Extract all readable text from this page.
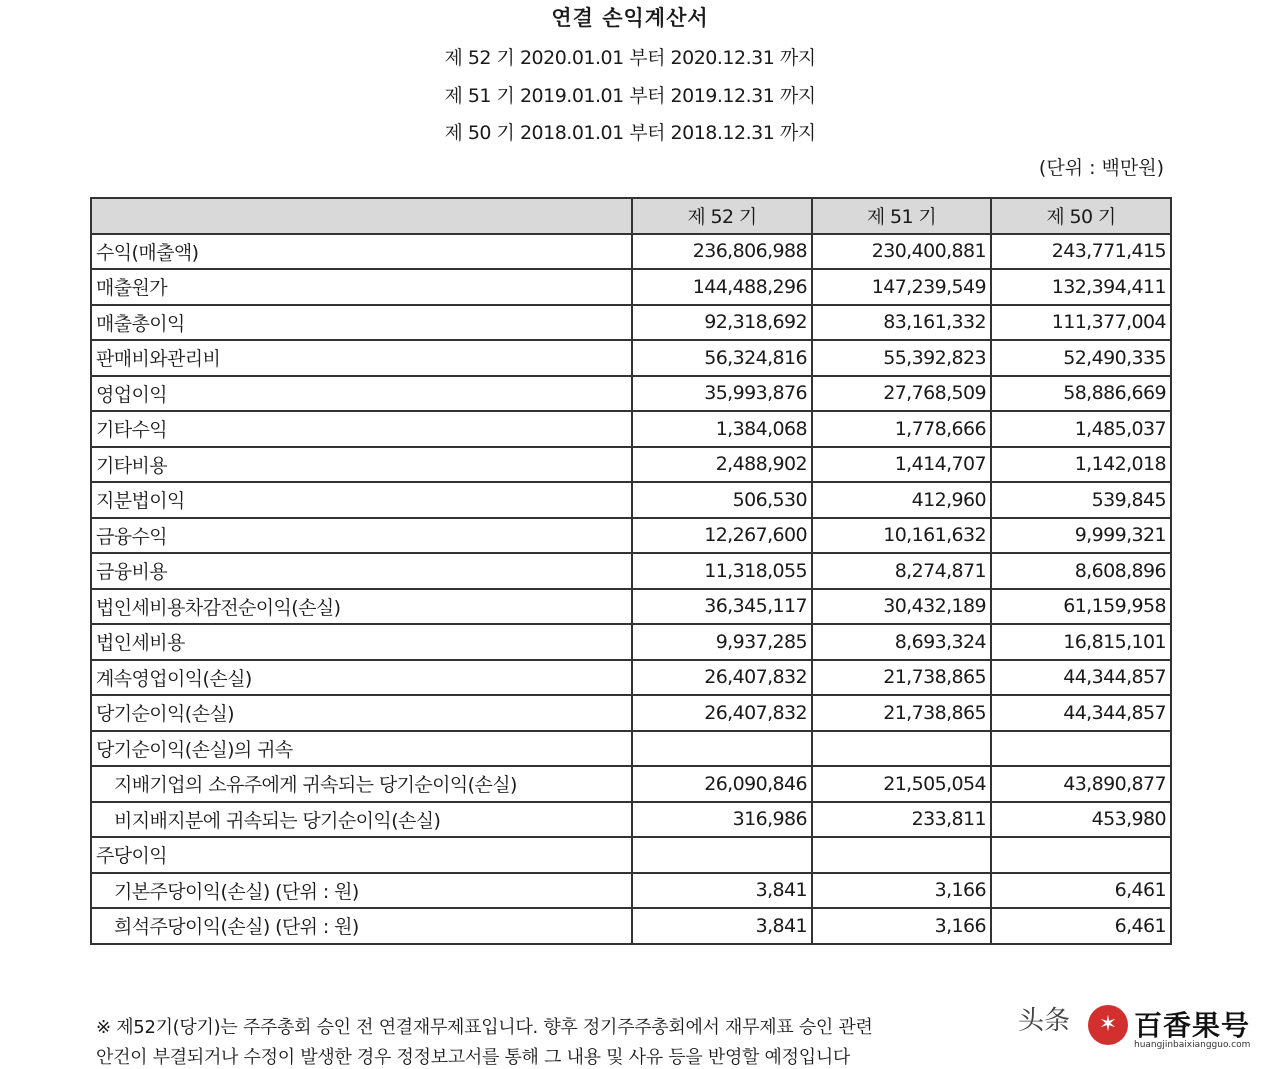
연결 손익계산서
제 52 기 2020.01.01 부터 2020.12.31 까지
제 51 기 2019.01.01 부터 2019.12.31 까지
제 50 기 2018.01.01 부터 2018.12.31 까지
(단위 : 백만원)
	제 52 기	제 51 기	제 50 기
수익(매출액)	236,806,988	230,400,881	243,771,415
매출원가	144,488,296	147,239,549	132,394,411
매출총이익	92,318,692	83,161,332	111,377,004
판매비와관리비	56,324,816	55,392,823	52,490,335
영업이익	35,993,876	27,768,509	58,886,669
기타수익	1,384,068	1,778,666	1,485,037
기타비용	2,488,902	1,414,707	1,142,018
지분법이익	506,530	412,960	539,845
금융수익	12,267,600	10,161,632	9,999,321
금융비용	11,318,055	8,274,871	8,608,896
법인세비용차감전순이익(손실)	36,345,117	30,432,189	61,159,958
법인세비용	9,937,285	8,693,324	16,815,101
계속영업이익(손실)	26,407,832	21,738,865	44,344,857
당기순이익(손실)	26,407,832	21,738,865	44,344,857
당기순이익(손실)의 귀속			
지배기업의 소유주에게 귀속되는 당기순이익(손실)	26,090,846	21,505,054	43,890,877
비지배지분에 귀속되는 당기순이익(손실)	316,986	233,811	453,980
주당이익			
기본주당이익(손실) (단위 : 원)	3,841	3,166	6,461
희석주당이익(손실) (단위 : 원)	3,841	3,166	6,461
※ 제52기(당기)는 주주총회 승인 전 연결재무제표입니다. 향후 정기주주총회에서 재무제표 승인 관련
안건이 부결되거나 수정이 발생한 경우 정정보고서를 통해 그 내용 및 사유 등을 반영할 예정입니다
头条	✶ 百香果号
huangjinbaixiangguo.com
